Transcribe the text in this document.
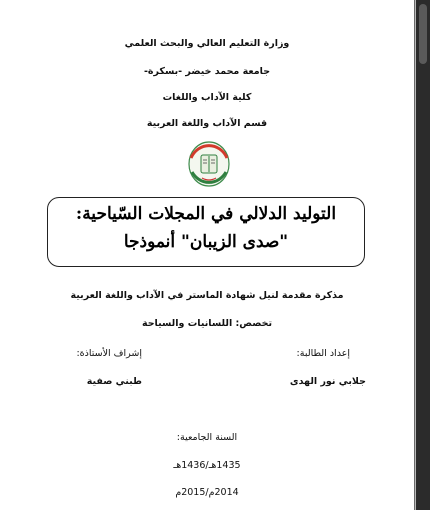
وزارة التعليم العالي والبحث العلمي
جامعة محمد خيضر -بسكرة-
كلية الآداب واللغات
قسم الآداب واللغة العربية
التوليد الدلالي في المجلات السّياحية:
"صدى الزيبان" أنموذجا
مذكرة مقدمة لنيل شهادة الماستر في الآداب واللغة العربية
تخصص: اللسانيات والسياحة
إعداد الطالبة:
إشراف الأستاذة:
جلابي نور الهدى
طبني صفية
السنة الجامعية:
1435هـ/1436هـ
2014م/2015م
